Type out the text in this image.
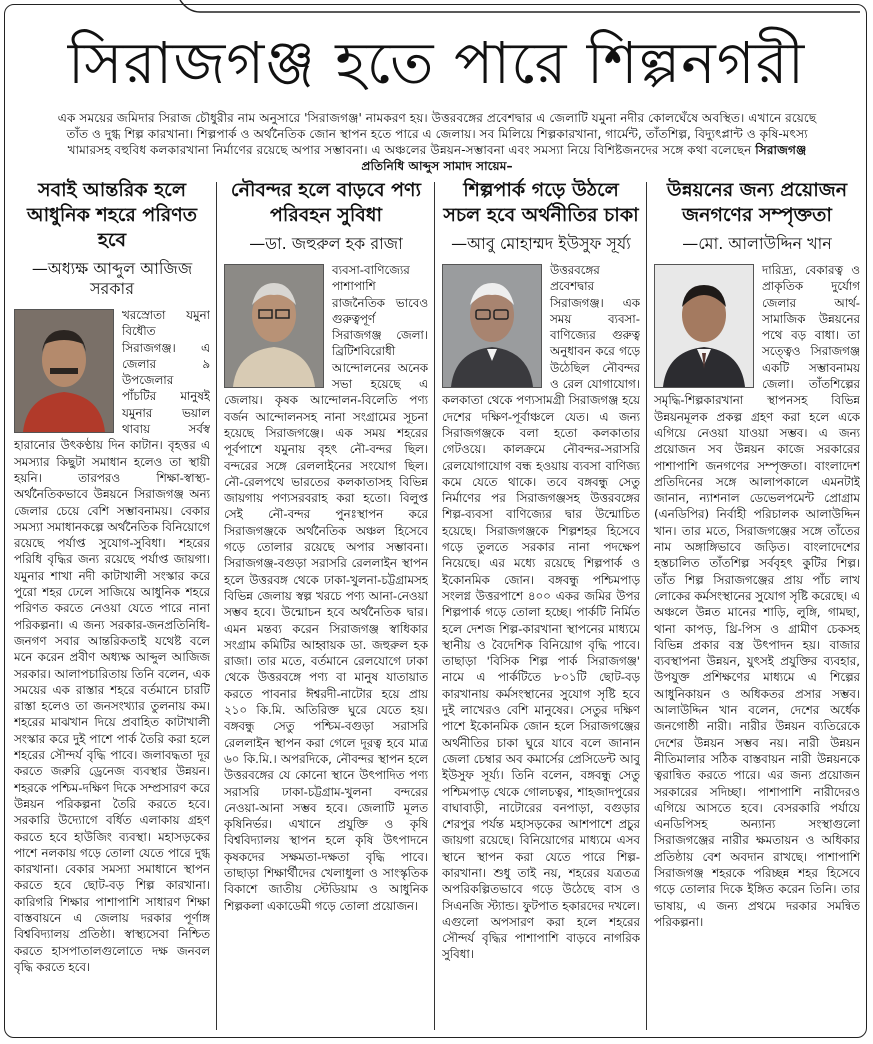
সিরাজগঞ্জ হতে পারে শিল্পনগরী
এক সময়ের জমিদার সিরাজ চৌধুরীর নাম অনুসারে 'সিরাজগঞ্জ' নামকরণ হয়। উত্তরবঙ্গের প্রবেশদ্বার এ জেলাটি যমুনা নদীর কোলঘেঁষে অবস্থিত। এখানে রয়েছে তাঁত ও দুগ্ধ শিল্প কারখানা। শিল্পপার্ক ও অর্থনৈতিক জোন স্থাপন হতে পারে এ জেলায়। সব মিলিয়ে শিল্পকারখানা, গার্মেন্ট, তাঁতশিল্প, বিদ্যুৎপ্লান্ট ও কৃষি-মৎস্য খামারসহ বহুবিধ কলকারখানা নির্মাণের রয়েছে অপার সম্ভাবনা। এ অঞ্চলের উন্নয়ন-সম্ভাবনা এবং সমস্যা নিয়ে বিশিষ্টজনদের সঙ্গে কথা বলেছেন সিরাজগঞ্জ প্রতিনিধি আব্দুস সামাদ সায়েম–
সবাই আন্তরিক হলে আধুনিক শহরে পরিণত হবে
—অধ্যক্ষ আব্দুল আজিজ সরকার

খরস্রোতা যমুনা বিধৌত সিরাজগঞ্জ। এ জেলার ৯ উপজেলার পাঁচটির মানুষই যমুনার ভয়াল থাবায় সর্বস্ব হারানোর উৎকণ্ঠায় দিন কাটান। বৃহত্তর এ সমস্যার কিছুটা সমাধান হলেও তা স্থায়ী হয়নি। তারপরও শিক্ষা-স্বাস্থ্য-অর্থনৈতিকভাবে উন্নয়নে সিরাজগঞ্জ অন্য জেলার চেয়ে বেশি সম্ভাবনাময়। বেকার সমস্যা সমাধানকল্পে অর্থনৈতিক বিনিয়োগে রয়েছে পর্যাপ্ত সুযোগ-সুবিধা। শহরের পরিধি বৃদ্ধির জন্য রয়েছে পর্যাপ্ত জায়গা। যমুনার শাখা নদী কাটাখালী সংস্কার করে পুরো শহর ঢেলে সাজিয়ে আধুনিক শহরে পরিণত করতে নেওয়া যেতে পারে নানা পরিকল্পনা। এ জন্য সরকার-জনপ্রতিনিধি-জনগণ সবার আন্তরিকতাই যথেষ্ট বলে মনে করেন প্রবীণ অধ্যক্ষ আব্দুল আজিজ সরকার। আলাপচারিতায় তিনি বলেন, এক সময়ের এক রাস্তার শহরে বর্তমানে চারটি রাস্তা হলেও তা জনসংখ্যার তুলনায় কম। শহরের মাঝখান দিয়ে প্রবাহিত কাটাখালী সংস্কার করে দুই পাশে পার্ক তৈরি করা হলে শহরের সৌন্দর্য বৃদ্ধি পাবে। জলাবদ্ধতা দূর করতে জরুরি ড্রেনেজ ব্যবস্থার উন্নয়ন। শহরকে পশ্চিম-দক্ষিণ দিকে সম্প্রসারণ করে উন্নয়ন পরিকল্পনা তৈরি করতে হবে। সরকারি উদ্যোগে বর্ধিত এলাকায় গ্রহণ করতে হবে হাউজিং ব্যবস্থা। মহাসড়কের পাশে নলকায় গড়ে তোলা যেতে পারে দুগ্ধ কারখানা। বেকার সমস্যা সমাধানে স্থাপন করতে হবে ছোট-বড় শিল্প কারখানা। কারিগরি শিক্ষার পাশাপাশি সাধারণ শিক্ষা বাস্তবায়নে এ জেলায় দরকার পূর্ণাঙ্গ বিশ্ববিদ্যালয় প্রতিষ্ঠা। স্বাস্থ্যসেবা নিশ্চিত করতে হাসপাতালগুলোতে দক্ষ জনবল বৃদ্ধি করতে হবে।

নৌবন্দর হলে বাড়বে পণ্য পরিবহন সুবিধা
—ডা. জহুরুল হক রাজা

ব্যবসা-বাণিজ্যের পাশাপাশি রাজনৈতিক ভাবেও গুরুত্বপূর্ণ সিরাজগঞ্জ জেলা। ব্রিটিশবিরোধী আন্দোলনের অনেক সভা হয়েছে এ জেলায়। কৃষক আন্দোলন-বিলেতি পণ্য বর্জন আন্দোলনসহ নানা সংগ্রামের সূচনা হয়েছে সিরাজগঞ্জে। এক সময় শহরের পূর্বপাশে যমুনায় বৃহৎ নৌ-বন্দর ছিল। বন্দরের সঙ্গে রেললাইনের সংযোগ ছিল। নৌ-রেলপথে ভারতের কলকাতাসহ বিভিন্ন জায়গায় পণ্যসরবরাহ করা হতো। বিলুপ্ত সেই নৌ-বন্দর পুনঃস্থাপন করে সিরাজগঞ্জকে অর্থনৈতিক অঞ্চল হিসেবে গড়ে তোলার রয়েছে অপার সম্ভাবনা। সিরাজগঞ্জ-বগুড়া সরাসরি রেললাইন স্থাপন হলে উত্তরবঙ্গ থেকে ঢাকা-খুলনা-চট্টগ্রামসহ বিভিন্ন জেলায় স্বল্প খরচে পণ্য আনা-নেওয়া সম্ভব হবে। উন্মোচন হবে অর্থনৈতিক দ্বার। এমন মন্তব্য করেন সিরাজগঞ্জ স্বাধিকার সংগ্রাম কমিটির আহ্বায়ক ডা. জহুরুল হক রাজা। তার মতে, বর্তমানে রেলযোগে ঢাকা থেকে উত্তরবঙ্গে পণ্য বা মানুষ যাতায়াত করতে পাবনার ঈশ্বরদী-নাটোর হয়ে প্রায় ২১০ কি.মি. অতিরিক্ত ঘুরে যেতে হয়। বঙ্গবন্ধু সেতু পশ্চিম-বগুড়া সরাসরি রেললাইন স্থাপন করা গেলে দূরত্ব হবে মাত্র ৬০ কি.মি.। অপরদিকে, নৌবন্দর স্থাপন হলে উত্তরবঙ্গের যে কোনো স্থানে উৎপাদিত পণ্য সরাসরি ঢাকা-চট্টগ্রাম-খুলনা বন্দরের নেওয়া-আনা সম্ভব হবে। জেলাটি মূলত কৃষিনির্ভর। এখানে প্রযুক্তি ও কৃষি বিশ্ববিদ্যালয় স্থাপন হলে কৃষি উৎপাদনে কৃষকদের সক্ষমতা-দক্ষতা বৃদ্ধি পাবে। তাছাড়া শিক্ষার্থীদের খেলাধুলা ও সাংস্কৃতিক বিকাশে জাতীয় স্টেডিয়াম ও আধুনিক শিল্পকলা একাডেমী গড়ে তোলা প্রয়োজন।

শিল্পপার্ক গড়ে উঠলে সচল হবে অর্থনীতির চাকা
—আবু মোহাম্মদ ইউসুফ সূর্য্য

উত্তরবঙ্গের প্রবেশদ্বার সিরাজগঞ্জ। এক সময় ব্যবসা-বাণিজ্যের গুরুত্ব অনুধাবন করে গড়ে উঠেছিল নৌবন্দর ও রেল যোগাযোগ। কলকাতা থেকে পণ্যসামগ্রী সিরাজগঞ্জ হয়ে দেশের দক্ষিণ-পূর্বাঞ্চলে যেত। এ জন্য সিরাজগঞ্জকে বলা হতো কলকাতার গেটওয়ে। কালক্রমে নৌবন্দর-সরাসরি রেলযোগাযোগ বন্ধ হওয়ায় ব্যবসা বাণিজ্য কমে যেতে থাকে। তবে বঙ্গবন্ধু সেতু নির্মাণের পর সিরাজগঞ্জসহ উত্তরবঙ্গের শিল্প-ব্যবসা বাণিজ্যের দ্বার উন্মোচিত হয়েছে। সিরাজগঞ্জকে শিল্পশহর হিসেবে গড়ে তুলতে সরকার নানা পদক্ষেপ নিয়েছে। এর মধ্যে রয়েছে শিল্পপার্ক ও ইকোনমিক জোন। বঙ্গবন্ধু পশ্চিমপাড় সংলগ্ন উত্তরপাশে ৪০০ একর জমির উপর শিল্পপার্ক গড়ে তোলা হচ্ছে। পার্কটি নির্মিত হলে দেশজ শিল্প-কারখানা স্থাপনের মাধ্যমে স্থানীয় ও বৈদেশিক বিনিয়োগ বৃদ্ধি পাবে। তাছাড়া 'বিসিক শিল্প পার্ক সিরাজগঞ্জ' নামে এ পার্কটিতে ৮০১টি ছোট-বড় কারখানায় কর্মসংস্থানের সুযোগ সৃষ্টি হবে দুই লাখেরও বেশি মানুষের। সেতুর দক্ষিণ পাশে ইকোনমিক জোন হলে সিরাজগঞ্জের অর্থনীতির চাকা ঘুরে যাবে বলে জানান জেলা চেম্বার অব কমার্সের প্রেসিডেন্ট আবু ইউসুফ সূর্য্য। তিনি বলেন, বঙ্গবন্ধু সেতু পশ্চিমপাড় থেকে গোলচত্বর, শাহজাদপুরের বাঘাবাড়ী, নাটোরের বনপাড়া, বগুড়ার শেরপুর পর্যন্ত মহাসড়কের আশপাশে প্রচুর জায়গা রয়েছে। বিনিয়োগের মাধ্যমে এসব স্থানে স্থাপন করা যেতে পারে শিল্প-কারখানা। শুধু তাই নয়, শহরের যত্রতত্র অপরিকল্পিতভাবে গড়ে উঠেছে বাস ও সিএনজি স্ট্যান্ড। ফুটপাত হকারদের দখলে। এগুলো অপসারণ করা হলে শহরের সৌন্দর্য বৃদ্ধির পাশাপাশি বাড়বে নাগরিক সুবিধা।

উন্নয়নের জন্য প্রয়োজন জনগণের সম্পৃক্ততা
—মো. আলাউদ্দিন খান

দারিদ্র্য, বেকারত্ব ও প্রাকৃতিক দুর্যোগ জেলার আর্থ-সামাজিক উন্নয়নের পথে বড় বাধা। তা সত্ত্বেও সিরাজগঞ্জ একটি সম্ভাবনাময় জেলা। তাঁতশিল্পের সমৃদ্ধি-শিল্পকারখানা স্থাপনসহ বিভিন্ন উন্নয়নমূলক প্রকল্প গ্রহণ করা হলে একে এগিয়ে নেওয়া যাওয়া সম্ভব। এ জন্য প্রয়োজন সব উন্নয়ন কাজে সরকারের পাশাপাশি জনগণের সম্পৃক্ততা। বাংলাদেশ প্রতিদিনের সঙ্গে আলাপকালে এমনটাই জানান, ন্যাশনাল ডেভেলপমেন্ট প্রোগ্রাম (এনডিপির) নির্বাহী পরিচালক আলাউদ্দিন খান। তার মতে, সিরাজগঞ্জের সঙ্গে তাঁতের নাম অঙ্গাঙ্গিভাবে জড়িত। বাংলাদেশের হস্তচালিত তাঁতশিল্প সর্ববৃহৎ কুটির শিল্প। তাঁত শিল্প সিরাজগঞ্জের প্রায় পাঁচ লাখ লোকের কর্মসংস্থানের সুযোগ সৃষ্টি করেছে। এ অঞ্চলে উন্নত মানের শাড়ি, লুঙ্গি, গামছা, থানা কাপড়, থ্রি-পিস ও গ্রামীণ চেকসহ বিভিন্ন প্রকার বস্ত্র উৎপাদন হয়। বাজার ব্যবস্থাপনা উন্নয়ন, যুৎসই প্রযুক্তির ব্যবহার, উপযুক্ত প্রশিক্ষণের মাধ্যমে এ শিল্পের আধুনিকায়ন ও অধিকতর প্রসার সম্ভব। আলাউদ্দিন খান বলেন, দেশের অর্ধেক জনগোষ্ঠী নারী। নারীর উন্নয়ন ব্যতিরেকে দেশের উন্নয়ন সম্ভব নয়। নারী উন্নয়ন নীতিমালার সঠিক বাস্তবায়ন নারী উন্নয়নকে ত্বরান্বিত করতে পারে। এর জন্য প্রয়োজন সরকারের সদিচ্ছা। পাশাপাশি নারীদেরও এগিয়ে আসতে হবে। বেসরকারি পর্যায়ে এনডিপিসহ অন্যান্য সংস্থাগুলো সিরাজগঞ্জের নারীর ক্ষমতায়ন ও অধিকার প্রতিষ্ঠায় বেশ অবদান রাখছে। পাশাপাশি সিরাজগঞ্জ শহরকে পরিচ্ছন্ন শহর হিসেবে গড়ে তোলার দিকে ইঙ্গিত করেন তিনি। তার ভাষায়, এ জন্য প্রথমে দরকার সমন্বিত পরিকল্পনা।
